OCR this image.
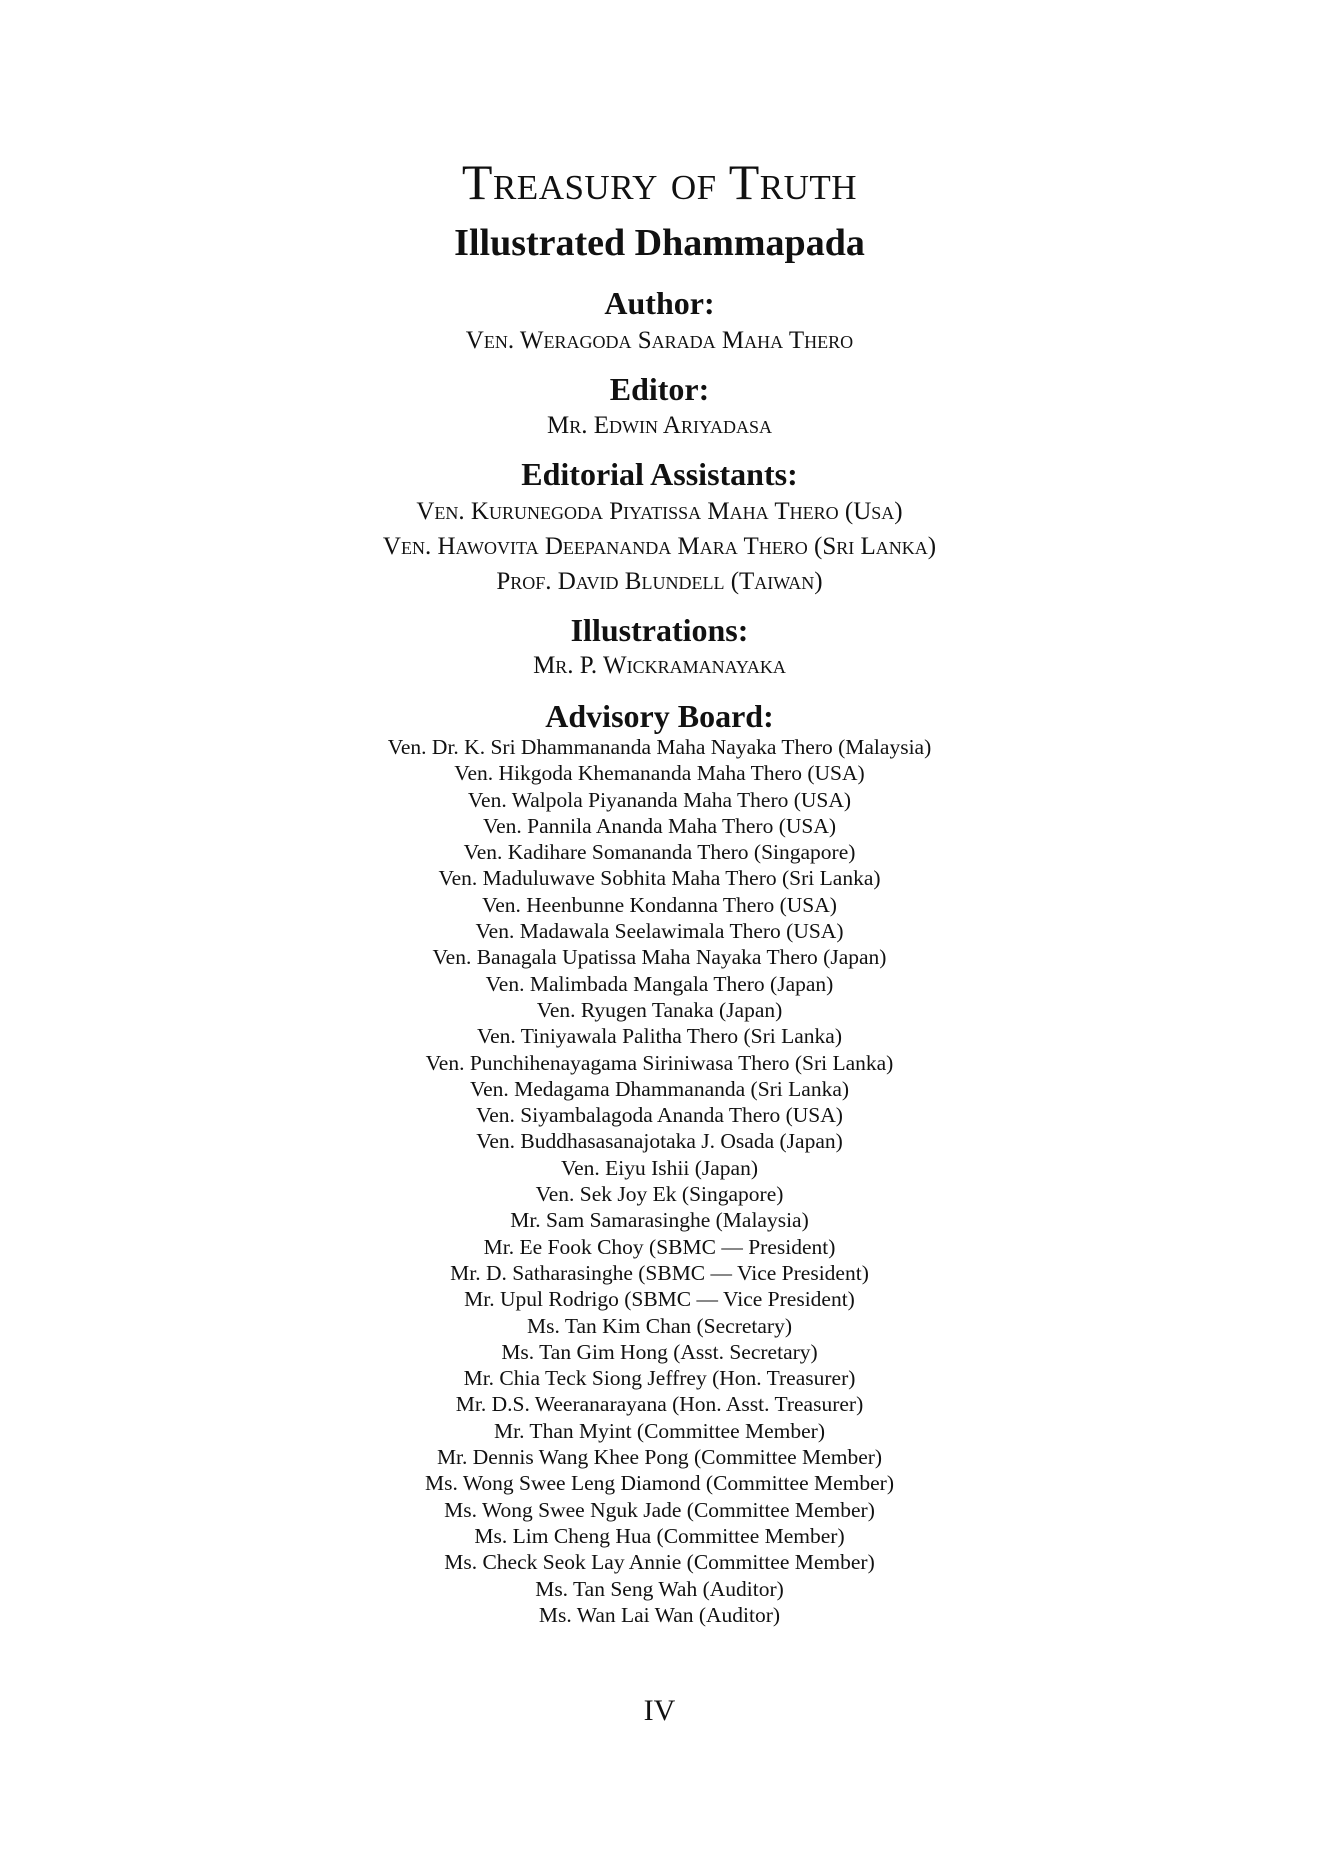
Treasury of Truth
Illustrated Dhammapada
Author:
Ven. Weragoda Sarada Maha Thero
Editor:
Mr. Edwin Ariyadasa
Editorial Assistants:
Ven. Kurunegoda Piyatissa Maha Thero (Usa)
Ven. Hawovita Deepananda Mara Thero (Sri Lanka)
Prof. David Blundell (Taiwan)
Illustrations:
Mr. P. Wickramanayaka
Advisory Board:
Ven. Dr. K. Sri Dhammananda Maha Nayaka Thero (Malaysia)
Ven. Hikgoda Khemananda Maha Thero (USA)
Ven. Walpola Piyananda Maha Thero (USA)
Ven. Pannila Ananda Maha Thero (USA)
Ven. Kadihare Somananda Thero (Singapore)
Ven. Maduluwave Sobhita Maha Thero (Sri Lanka)
Ven. Heenbunne Kondanna Thero (USA)
Ven. Madawala Seelawimala Thero (USA)
Ven. Banagala Upatissa Maha Nayaka Thero (Japan)
Ven. Malimbada Mangala Thero (Japan)
Ven. Ryugen Tanaka (Japan)
Ven. Tiniyawala Palitha Thero (Sri Lanka)
Ven. Punchihenayagama Siriniwasa Thero (Sri Lanka)
Ven. Medagama Dhammananda (Sri Lanka)
Ven. Siyambalagoda Ananda Thero (USA)
Ven. Buddhasasanajotaka J. Osada (Japan)
Ven. Eiyu Ishii (Japan)
Ven. Sek Joy Ek (Singapore)
Mr. Sam Samarasinghe (Malaysia)
Mr. Ee Fook Choy (SBMC — President)
Mr. D. Satharasinghe (SBMC — Vice President)
Mr. Upul Rodrigo (SBMC — Vice President)
Ms. Tan Kim Chan (Secretary)
Ms. Tan Gim Hong (Asst. Secretary)
Mr. Chia Teck Siong Jeffrey (Hon. Treasurer)
Mr. D.S. Weeranarayana (Hon. Asst. Treasurer)
Mr. Than Myint (Committee Member)
Mr. Dennis Wang Khee Pong (Committee Member)
Ms. Wong Swee Leng Diamond (Committee Member)
Ms. Wong Swee Nguk Jade (Committee Member)
Ms. Lim Cheng Hua (Committee Member)
Ms. Check Seok Lay Annie (Committee Member)
Ms. Tan Seng Wah (Auditor)
Ms. Wan Lai Wan (Auditor)
IV
